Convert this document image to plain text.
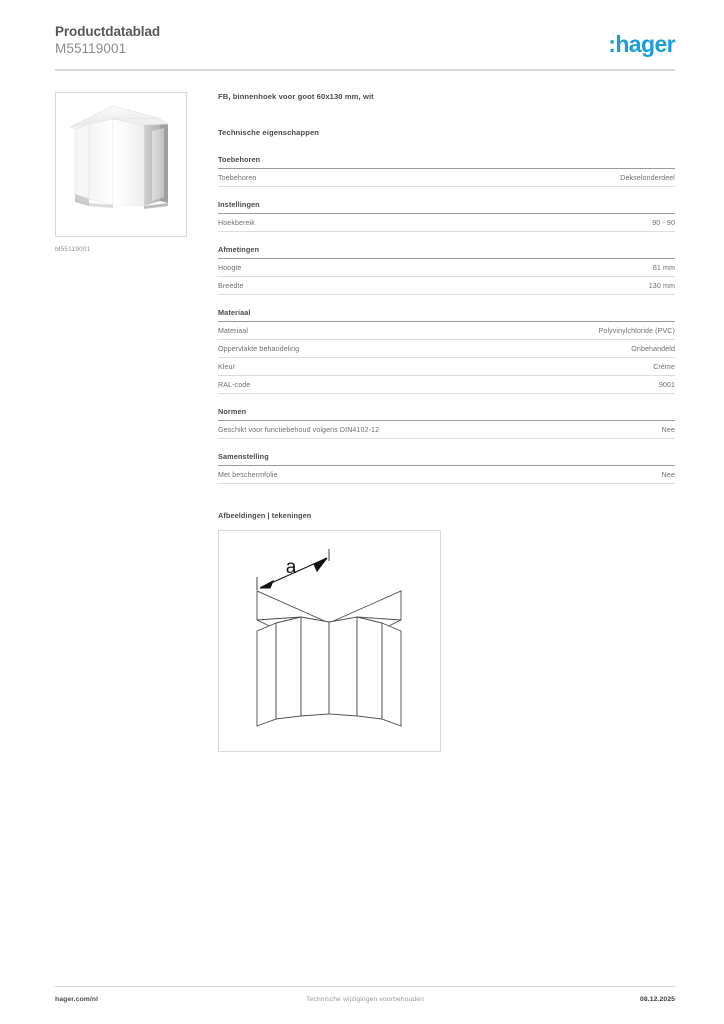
Productdatablad
M55119001	:hager
M55119001
FB, binnenhoek voor goot 60x130 mm, wit
Technische eigenschappen
Toebehoren
Toebehoren	Dekselonderdeel
Instellingen
Hoekbereik	90 - 90
Afmetingen
Hoogte	61 mm
Breedte	130 mm
Materiaal
Materiaal	Polyvinylchloride (PVC)
Oppervlakte behandeling	Onbehandeld
Kleur	Crème
RAL-code	9001
Normen
Geschikt voor functiebehoud volgens DIN4102-12	Nee
Samenstelling
Met beschermfolie	Nee
Afbeeldingen | tekeningen
a
hager.com/nl	Technische wijzigingen voorbehouden	08.12.2025
